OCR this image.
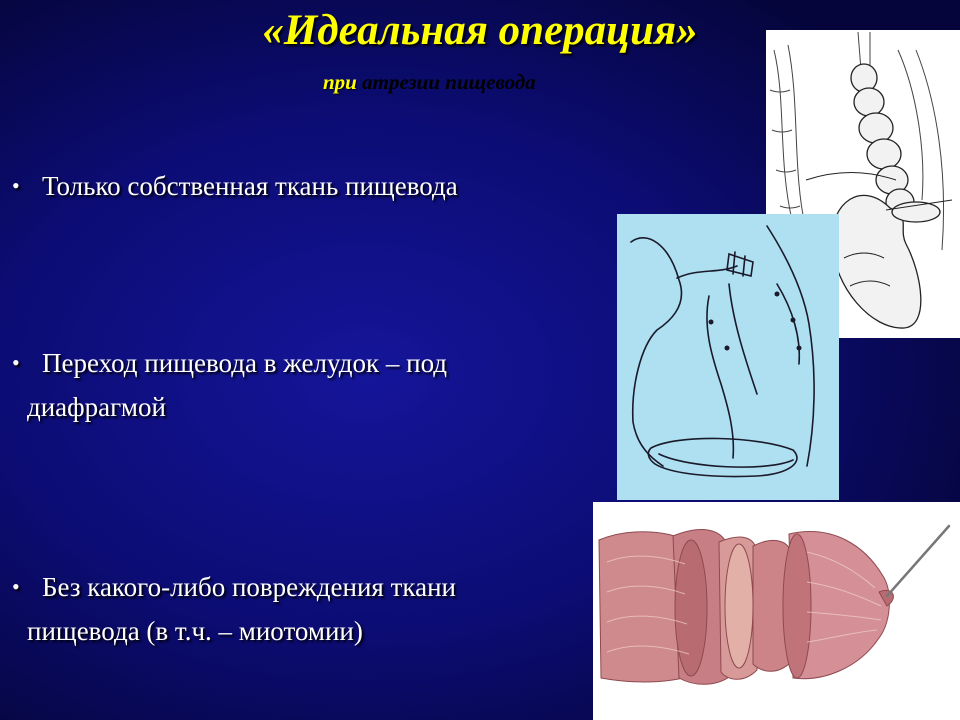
«Идеальная операция»

при атрезии пищевода

• Только собственная ткань пищевода
• Переход пищевода в желудок – под
диафрагмой
• Без какого-либо повреждения ткани
пищевода (в т.ч. – миотомии)
